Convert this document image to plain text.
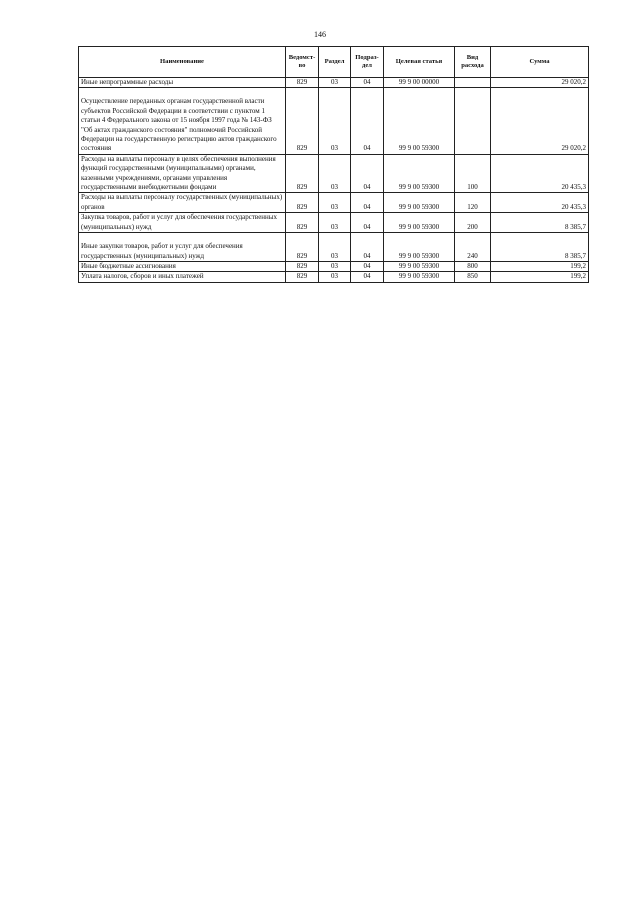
146
Наименование	Ведомст-во	Раздел	Подраз-дел	Целевая статья	Вид расхода	Сумма
Иные непрограммные расходы	829	03	04	99 9 00 00000		29 020,2

Осуществление переданных органам государственной власти субъектов Российской Федерации в соответствии с пунктом 1 статьи 4 Федерального закона от 15 ноября 1997 года № 143-ФЗ "Об актах гражданского состояния" полномочий Российской Федерации на государственную регистрацию актов гражданского состояния	829	03	04	99 9 00 59300		29 020,2
Расходы на выплаты персоналу в целях обеспечения выполнения функций государственными (муниципальными) органами, казенными учреждениями, органами управления государственными внебюджетными фондами	829	03	04	99 9 00 59300	100	20 435,3
Расходы на выплаты персоналу государственных (муниципальных) органов	829	03	04	99 9 00 59300	120	20 435,3
Закупка товаров, работ и услуг для обеспечения государственных (муниципальных) нужд	829	03	04	99 9 00 59300	200	8 385,7

Иные закупки товаров, работ и услуг для обеспечения государственных (муниципальных) нужд	829	03	04	99 9 00 59300	240	8 385,7
Иные бюджетные ассигнования	829	03	04	99 9 00 59300	800	199,2
Уплата налогов, сборов и иных платежей	829	03	04	99 9 00 59300	850	199,2
